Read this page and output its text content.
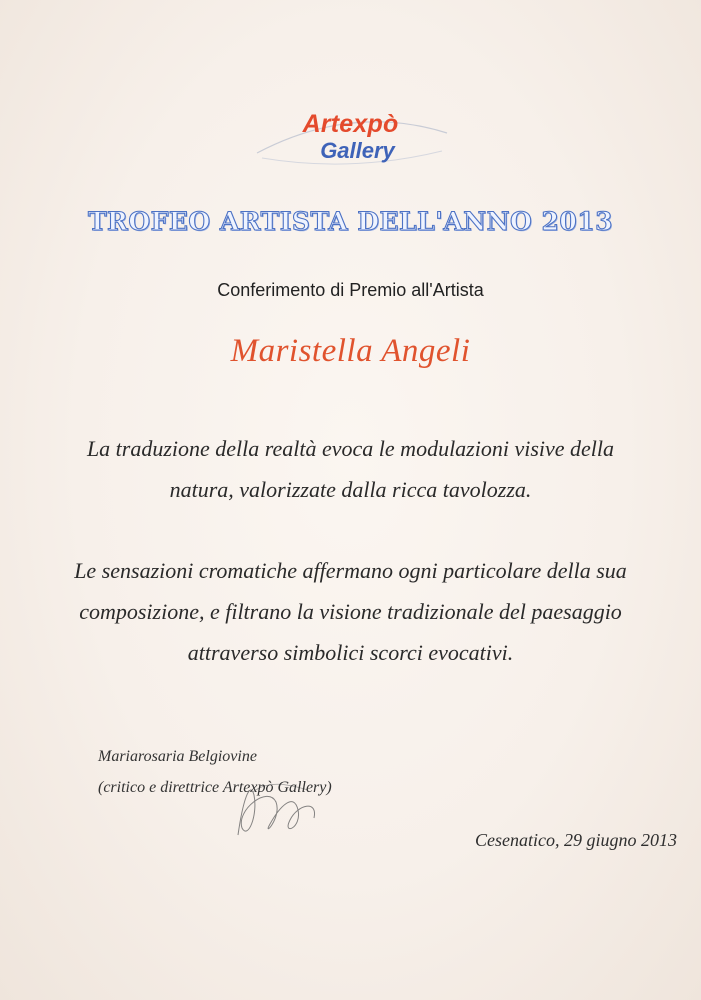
Artexpò
Gallery
TROFEO ARTISTA DELL'ANNO 2013
Conferimento di Premio all'Artista
Maristella Angeli
La traduzione della realtà evoca le modulazioni visive della
natura, valorizzate dalla ricca tavolozza.
Le sensazioni cromatiche affermano ogni particolare della sua
composizione, e filtrano la visione tradizionale del paesaggio
attraverso simbolici scorci evocativi.
Mariarosaria Belgiovine
(critico e direttrice Artexpò Gallery)
Cesenatico, 29 giugno 2013
